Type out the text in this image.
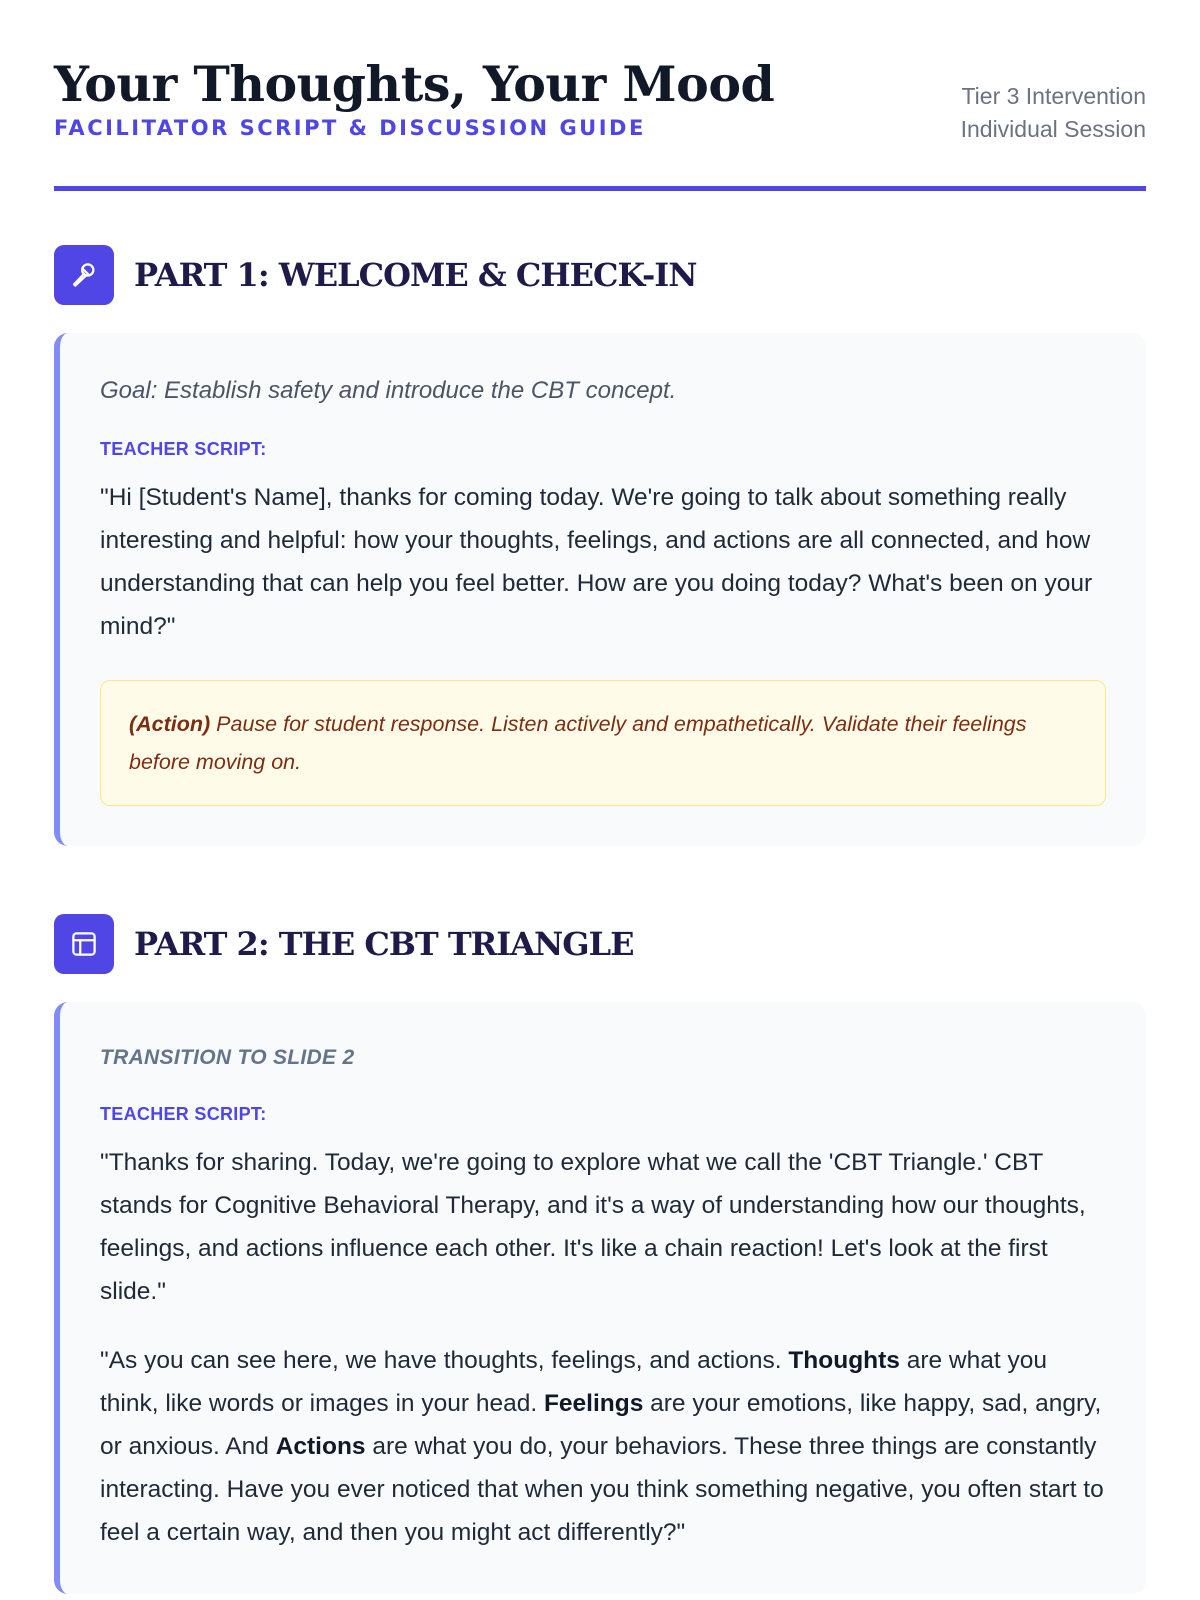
Your Thoughts, Your Mood
FACILITATOR SCRIPT & DISCUSSION GUIDE
Tier 3 Intervention
Individual Session
PART 1: WELCOME & CHECK-IN

Goal: Establish safety and introduce the CBT concept.

TEACHER SCRIPT:

"Hi [Student's Name], thanks for coming today. We're going to talk about something really interesting and helpful: how your thoughts, feelings, and actions are all connected, and how understanding that can help you feel better. How are you doing today? What's been on your mind?"

(Action) Pause for student response. Listen actively and empathetically. Validate their feelings before moving on.
PART 2: THE CBT TRIANGLE
TRANSITION TO SLIDE 2
TEACHER SCRIPT:

"Thanks for sharing. Today, we're going to explore what we call the 'CBT Triangle.' CBT stands for Cognitive Behavioral Therapy, and it's a way of understanding how our thoughts, feelings, and actions influence each other. It's like a chain reaction! Let's look at the first slide."

"As you can see here, we have thoughts, feelings, and actions. Thoughts are what you think, like words or images in your head. Feelings are your emotions, like happy, sad, angry, or anxious. And Actions are what you do, your behaviors. These three things are constantly interacting. Have you ever noticed that when you think something negative, you often start to feel a certain way, and then you might act differently?"
